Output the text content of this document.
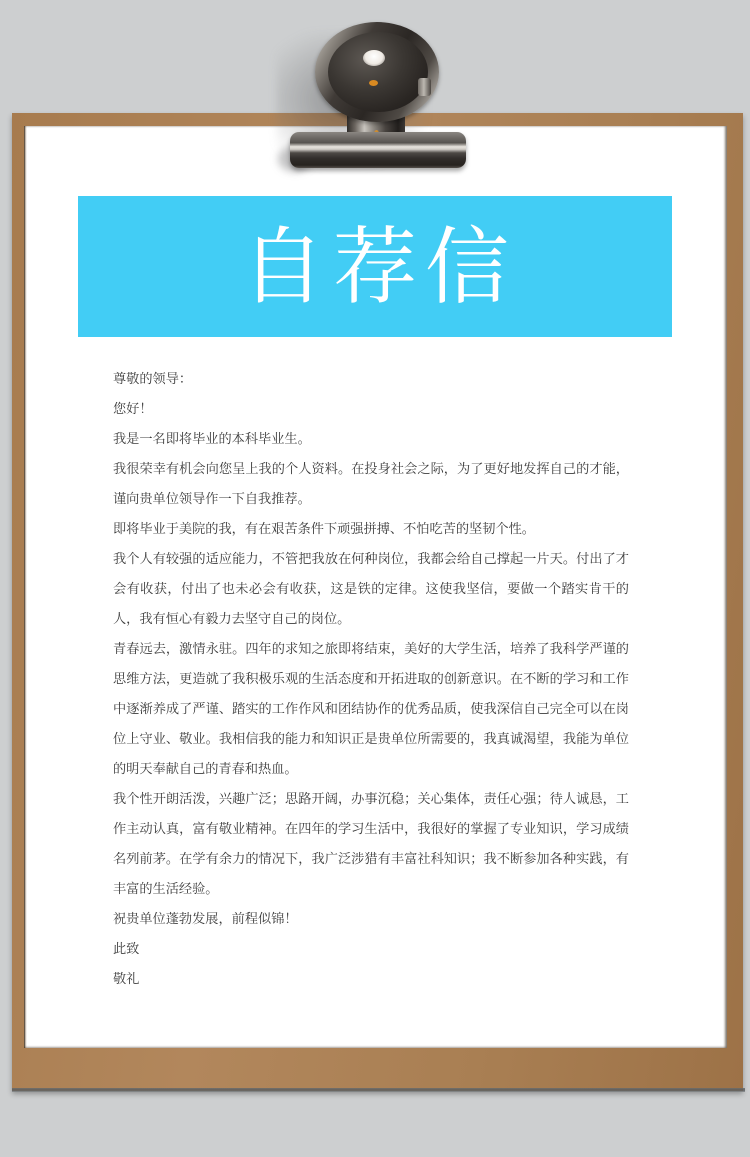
自荐信

尊敬的领导：

您好！

我是一名即将毕业的本科毕业生。

我很荣幸有机会向您呈上我的个人资料。在投身社会之际，为了更好地发挥自己的才能，谨向贵单位领导作一下自我推荐。

即将毕业于美院的我，有在艰苦条件下顽强拼搏、不怕吃苦的坚韧个性。

我个人有较强的适应能力，不管把我放在何种岗位，我都会给自己撑起一片天。付出了才会有收获，付出了也未必会有收获，这是铁的定律。这使我坚信，要做一个踏实肯干的人，我有恒心有毅力去坚守自己的岗位。

青春远去，激情永驻。四年的求知之旅即将结束，美好的大学生活，培养了我科学严谨的思维方法，更造就了我积极乐观的生活态度和开拓进取的创新意识。在不断的学习和工作中逐渐养成了严谨、踏实的工作作风和团结协作的优秀品质，使我深信自己完全可以在岗位上守业、敬业。我相信我的能力和知识正是贵单位所需要的，我真诚渴望，我能为单位的明天奉献自己的青春和热血。

我个性开朗活泼，兴趣广泛；思路开阔，办事沉稳；关心集体，责任心强；待人诚恳，工作主动认真，富有敬业精神。在四年的学习生活中，我很好的掌握了专业知识，学习成绩名列前茅。在学有余力的情况下，我广泛涉猎有丰富社科知识；我不断参加各种实践，有丰富的生活经验。

祝贵单位蓬勃发展，前程似锦！

此致

敬礼
